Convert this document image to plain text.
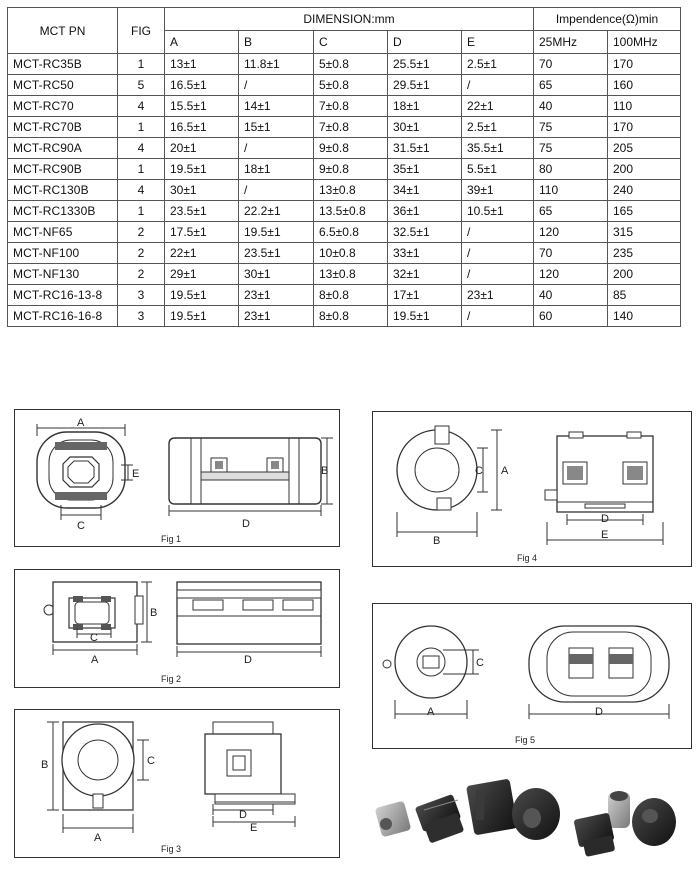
MCT PN	FIG	DIMENSION:mm					Impendence(Ω)min	
		A	B	C	D	E	25MHz	100MHz
MCT-RC35B	1	13±1	11.8±1	5±0.8	25.5±1	2.5±1	70	170
MCT-RC50	5	16.5±1	/	5±0.8	29.5±1	/	65	160
MCT-RC70	4	15.5±1	14±1	7±0.8	18±1	22±1	40	110
MCT-RC70B	1	16.5±1	15±1	7±0.8	30±1	2.5±1	75	170
MCT-RC90A	4	20±1	/	9±0.8	31.5±1	35.5±1	75	205
MCT-RC90B	1	19.5±1	18±1	9±0.8	35±1	5.5±1	80	200
MCT-RC130B	4	30±1	/	13±0.8	34±1	39±1	110	240
MCT-RC1330B	1	23.5±1	22.2±1	13.5±0.8	36±1	10.5±1	65	165
MCT-NF65	2	17.5±1	19.5±1	6.5±0.8	32.5±1	/	120	315
MCT-NF100	2	22±1	23.5±1	10±0.8	33±1	/	70	235
MCT-NF130	2	29±1	30±1	13±0.8	32±1	/	120	200
MCT-RC16-13-8	3	19.5±1	23±1	8±0.8	17±1	23±1	40	85
MCT-RC16-16-8	3	19.5±1	23±1	8±0.8	19.5±1	/	60	140
A
C
E	B
D
Fig 1
C
A
B
D
Fig 2
B	C
A
D
E
Fig 3
C A
B
D
E
Fig 4
C
A	D
Fig 5
